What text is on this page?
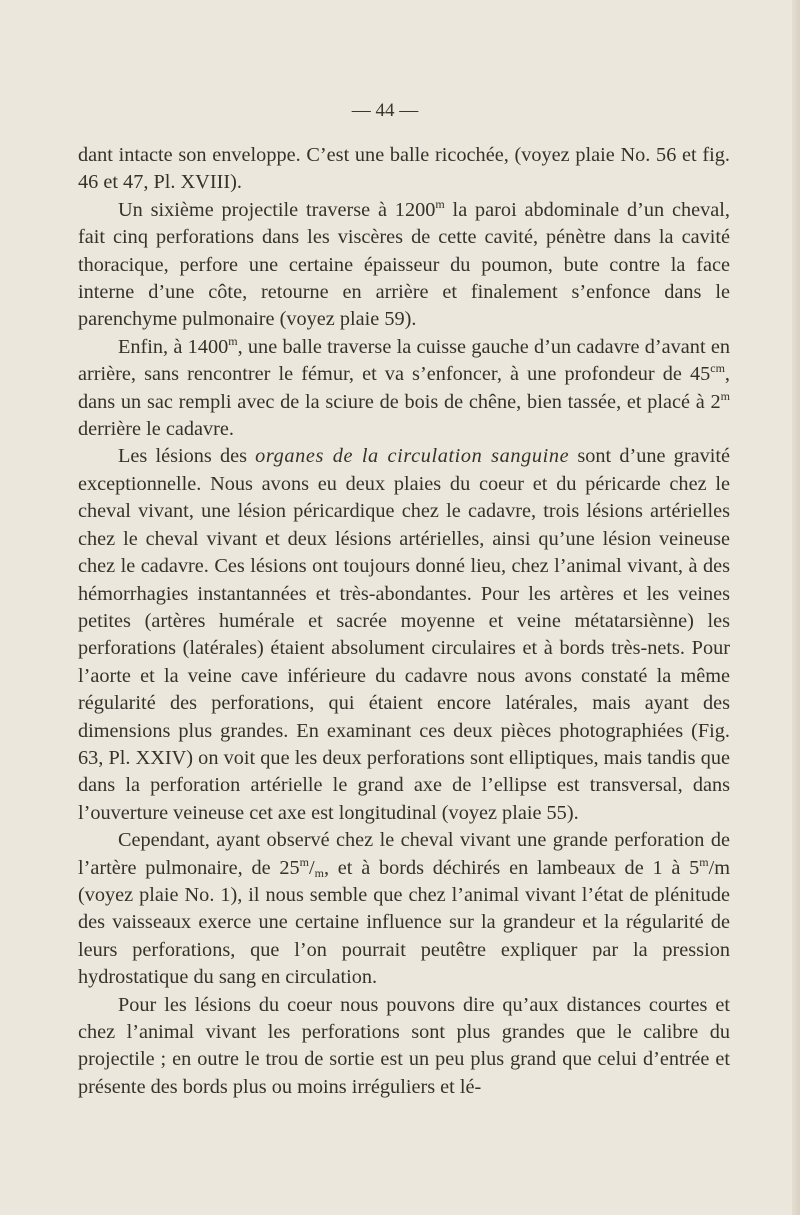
— 44 —

dant intacte son enveloppe. C’est une balle ricochée, (voyez plaie No. 56 et fig. 46 et 47, Pl. XVIII).

Un sixième projectile traverse à 1200$^m$ la paroi abdominale d’un cheval, fait cinq perforations dans les viscères de cette cavité, pénètre dans la cavité thoracique, perfore une certaine épaisseur du poumon, bute contre la face interne d’une côte, retourne en arrière et finalement s’enfonce dans le parenchyme pulmonaire (voyez plaie 59).

Enfin, à 1400$^m$, une balle traverse la cuisse gauche d’un cadavre d’avant en arrière, sans rencontrer le fémur, et va s’enfoncer, à une profondeur de $45^{cm}$, dans un sac rempli avec de la sciure de bois de chêne, bien tassée, et placé à 2$^m$ derrière le cadavre.

Les lésions des organes de la circulation sanguine sont d’une gravité exceptionnelle. Nous avons eu deux plaies du coeur et du péricarde chez le cheval vivant, une lésion péricardique chez le cadavre, trois lésions artérielles chez le cheval vivant et deux lésions artérielles, ainsi qu’une lésion veineuse chez le cadavre. Ces lésions ont toujours donné lieu, chez l’animal vivant, à des hémorrhagies instantannées et très-abondantes. Pour les artères et les veines petites (artères humérale et sacrée moyenne et veine métatarsiènne) les perforations (latérales) étaient absolument circulaires et à bords très-nets. Pour l’aorte et la veine cave inférieure du cadavre nous avons constaté la même régularité des perforations, qui étaient encore latérales, mais ayant des dimensions plus grandes. En examinant ces deux pièces photographiées (Fig. 63, Pl. XXIV) on voit que les deux perforations sont elliptiques, mais tandis que dans la perforation artérielle le grand axe de l’ellipse est transversal, dans l’ouverture veineuse cet axe est longitudinal (voyez plaie 55).

Cependant, ayant observé chez le cheval vivant une grande perforation de l’artère pulmonaire, de $25^m/_m$, et à bords déchirés en lambeaux de 1 à 5$^m$/m (voyez plaie No. 1), il nous semble que chez l’animal vivant l’état de plénitude des vaisseaux exerce une certaine influence sur la grandeur et la régularité de leurs perforations, que l’on pourrait peutêtre expliquer par la pression hydrostatique du sang en circulation.

Pour les lésions du coeur nous pouvons dire qu’aux distances courtes et chez l’animal vivant les perforations sont plus grandes que le calibre du projectile ; en outre le trou de sortie est un peu plus grand que celui d’entrée et présente des bords plus ou moins irréguliers et lé-
